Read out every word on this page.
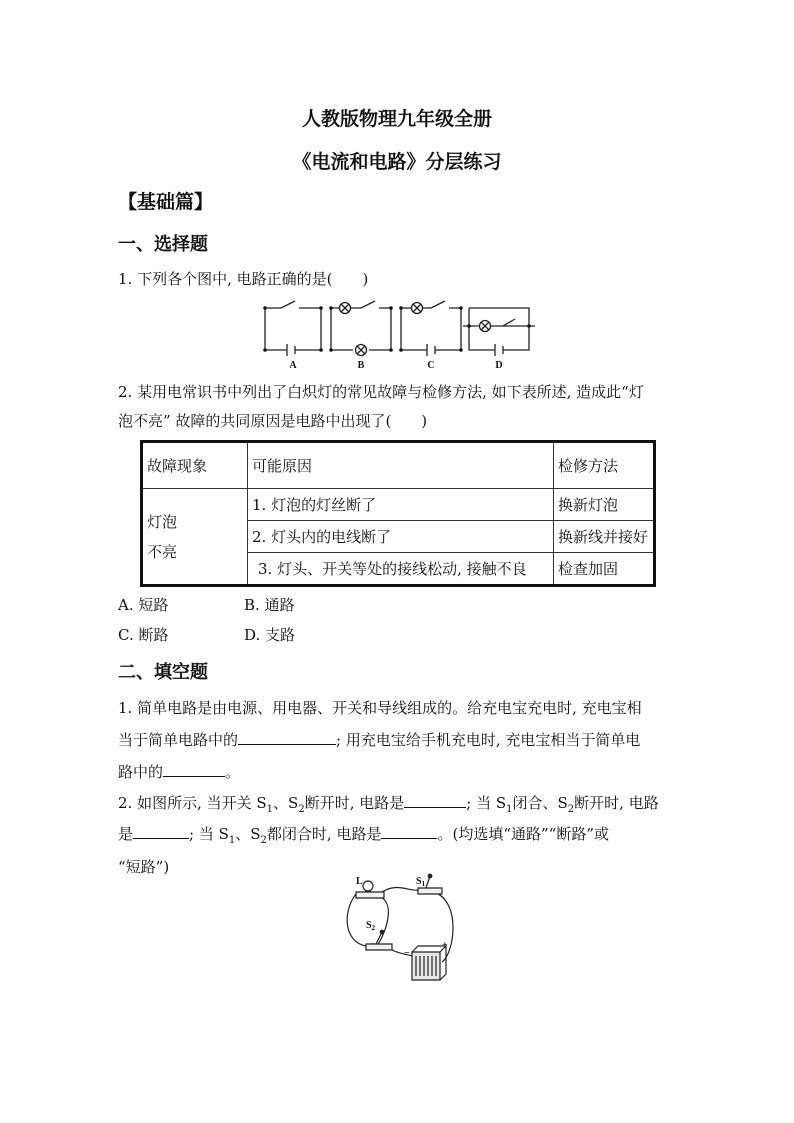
人教版物理九年级全册
《电流和电路》分层练习
【基础篇】
一、选择题
1. 下列各个图中, 电路正确的是(　　)
A	B	C	D
2. 某用电常识书中列出了白炽灯的常见故障与检修方法, 如下表所述, 造成此“灯
泡不亮” 故障的共同原因是电路中出现了(　　)
故障现象	可能原因	检修方法

灯泡
不亮	1. 灯泡的灯丝断了	换新灯泡
	2. 灯头内的电线断了	换新线并接好
	3. 灯头、开关等处的接线松动, 接触不良	检查加固
A. 短路	B. 通路
C. 断路	D. 支路
二、填空题
1. 简单电路是由电源、用电器、开关和导线组成的。给充电宝充电时, 充电宝相
当于简单电路中的	; 用充电宝给手机充电时, 充电宝相当于简单电
路中的	。
2. 如图所示, 当开关 $S_1$、$S_2$断开时, 电路是	; 当 $S_1$闭合、$S_2$断开时, 电路
是	; 当 $S_1$、$S_2$都闭合时, 电路是	。(均选填“通路”“断路”或
“短路”)
L	$S_1$
$S_2$
−
+
